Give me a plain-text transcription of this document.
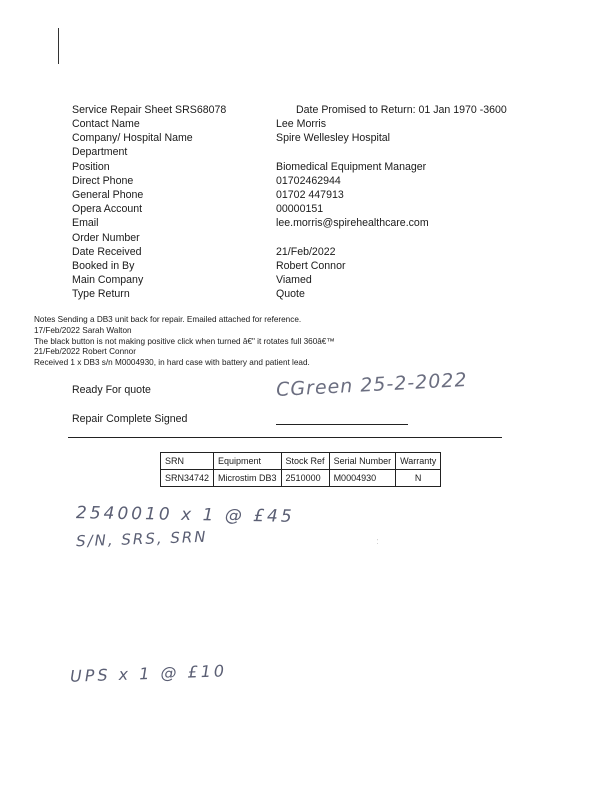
Service Repair Sheet SRS68078	Date Promised to Return: 01 Jan 1970 -3600
Contact Name	Lee Morris
Company/ Hospital Name	Spire Wellesley Hospital
Department
Position	Biomedical Equipment Manager
Direct Phone	01702462944
General Phone	01702 447913
Opera Account	00000151
Email	lee.morris@spirehealthcare.com
Order Number
Date Received	21/Feb/2022
Booked in By	Robert Connor
Main Company	Viamed
Type Return	Quote
Notes Sending a DB3 unit back for repair. Emailed attached for reference.
17/Feb/2022 Sarah Walton
The black button is not making positive click when turned â€" it rotates full 360â€™
21/Feb/2022 Robert Connor
Received 1 x DB3 s/n M0004930, in hard case with battery and patient lead.
Ready For quote	CGreen 25-2-2022
Repair Complete Signed
SRN	Equipment	Stock Ref	Serial Number	Warranty
SRN34742	Microstim DB3	2510000	M0004930	N
2540010 x 1 @ £45
S/N, SRS, SRN	:
UPS x 1 @ £10
